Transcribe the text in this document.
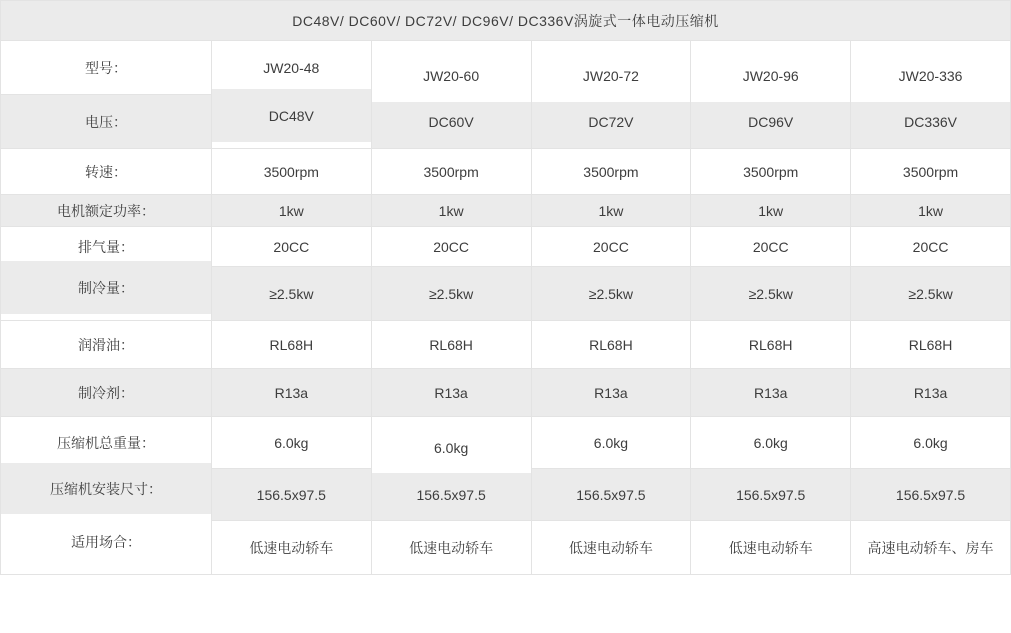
DC48V/ DC60V/ DC72V/ DC96V/ DC336V涡旋式一体电动压缩机					
型号：	JW20-48	JW20-60	JW20-72	JW20-96	JW20-336
电压：	DC48V	DC60V	DC72V	DC96V	DC336V
转速：	3500rpm	3500rpm	3500rpm	3500rpm	3500rpm
电机额定功率：	1kw	1kw	1kw	1kw	1kw
排气量：	20CC	20CC	20CC	20CC	20CC
制冷量：	≥2.5kw	≥2.5kw	≥2.5kw	≥2.5kw	≥2.5kw
润滑油：	RL68H	RL68H	RL68H	RL68H	RL68H
制冷剂：	R13a	R13a	R13a	R13a	R13a
压缩机总重量：	6.0kg	6.0kg	6.0kg	6.0kg	6.0kg
压缩机安装尺寸：	156.5x97.5	156.5x97.5	156.5x97.5	156.5x97.5	156.5x97.5
适用场合：	低速电动轿车	低速电动轿车	低速电动轿车	低速电动轿车	高速电动轿车、房车
